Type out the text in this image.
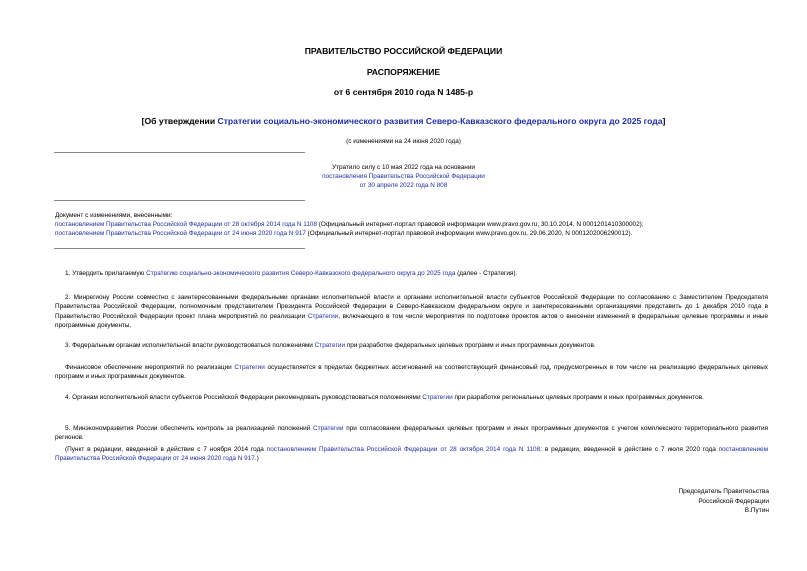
ПРАВИТЕЛЬСТВО РОССИЙСКОЙ ФЕДЕРАЦИИ
РАСПОРЯЖЕНИЕ
от 6 сентября 2010 года N 1485-р
[Об утверждении Стратегии социально-экономического развития Северо-Кавказского федерального округа до 2025 года]
(с изменениями на 24 июня 2020 года)
Утратило силу с 10 мая 2022 года на основании
постановления Правительства Российской Федерации
от 30 апреля 2022 года N 808
Документ с изменениями, внесенными:
постановлением Правительства Российской Федерации от 28 октября 2014 года N 1108 (Официальный интернет-портал правовой информации www.pravo.gov.ru, 30.10.2014, N 0001201410300002);
постановлением Правительства Российской Федерации от 24 июня 2020 года N 917 (Официальный интернет-портал правовой информации www.pravo.gov.ru, 29.06.2020, N 0001202006290012).
1. Утвердить прилагаемую Стратегию социально-экономического развития Северо-Кавказского федерального округа до 2025 года (далее - Стратегия).
2. Минрегиону России совместно с заинтересованными федеральными органами исполнительной власти и органами исполнительной власти субъектов Российской Федерации по согласованию с Заместителем Председателя Правительства Российской Федерации, полномочным представителем Президента Российской Федерации в Северо-Кавказском федеральном округе и заинтересованными организациями представить до 1 декабря 2010 года в Правительство Российской Федерации проект плана мероприятий по реализации Стратегии, включающего в том числе мероприятия по подготовке проектов актов о внесении изменений в федеральные целевые программы и иные программные документы.
3. Федеральным органам исполнительной власти руководствоваться положениями Стратегии при разработке федеральных целевых программ и иных программных документов.
Финансовое обеспечение мероприятий по реализации Стратегии осуществляется в пределах бюджетных ассигнований на соответствующий финансовый год, предусмотренных в том числе на реализацию федеральных целевых программ и иных программных документов.
4. Органам исполнительной власти субъектов Российской Федерации рекомендовать руководствоваться положениями Стратегии при разработке региональных целевых программ и иных программных документов.
5. Минэкономразвития России обеспечить контроль за реализацией положений Стратегии при согласовании федеральных целевых программ и иных программных документов с учетом комплексного территориального развития регионов.
(Пункт в редакции, введенной в действие с 7 ноября 2014 года постановлением Правительства Российской Федерации от 28 октября 2014 года N 1108; в редакции, введенной в действие с 7 июля 2020 года постановлением Правительства Российской Федерации от 24 июня 2020 года N 917.)
Председатель Правительства
Российской Федерации
В.Путин
